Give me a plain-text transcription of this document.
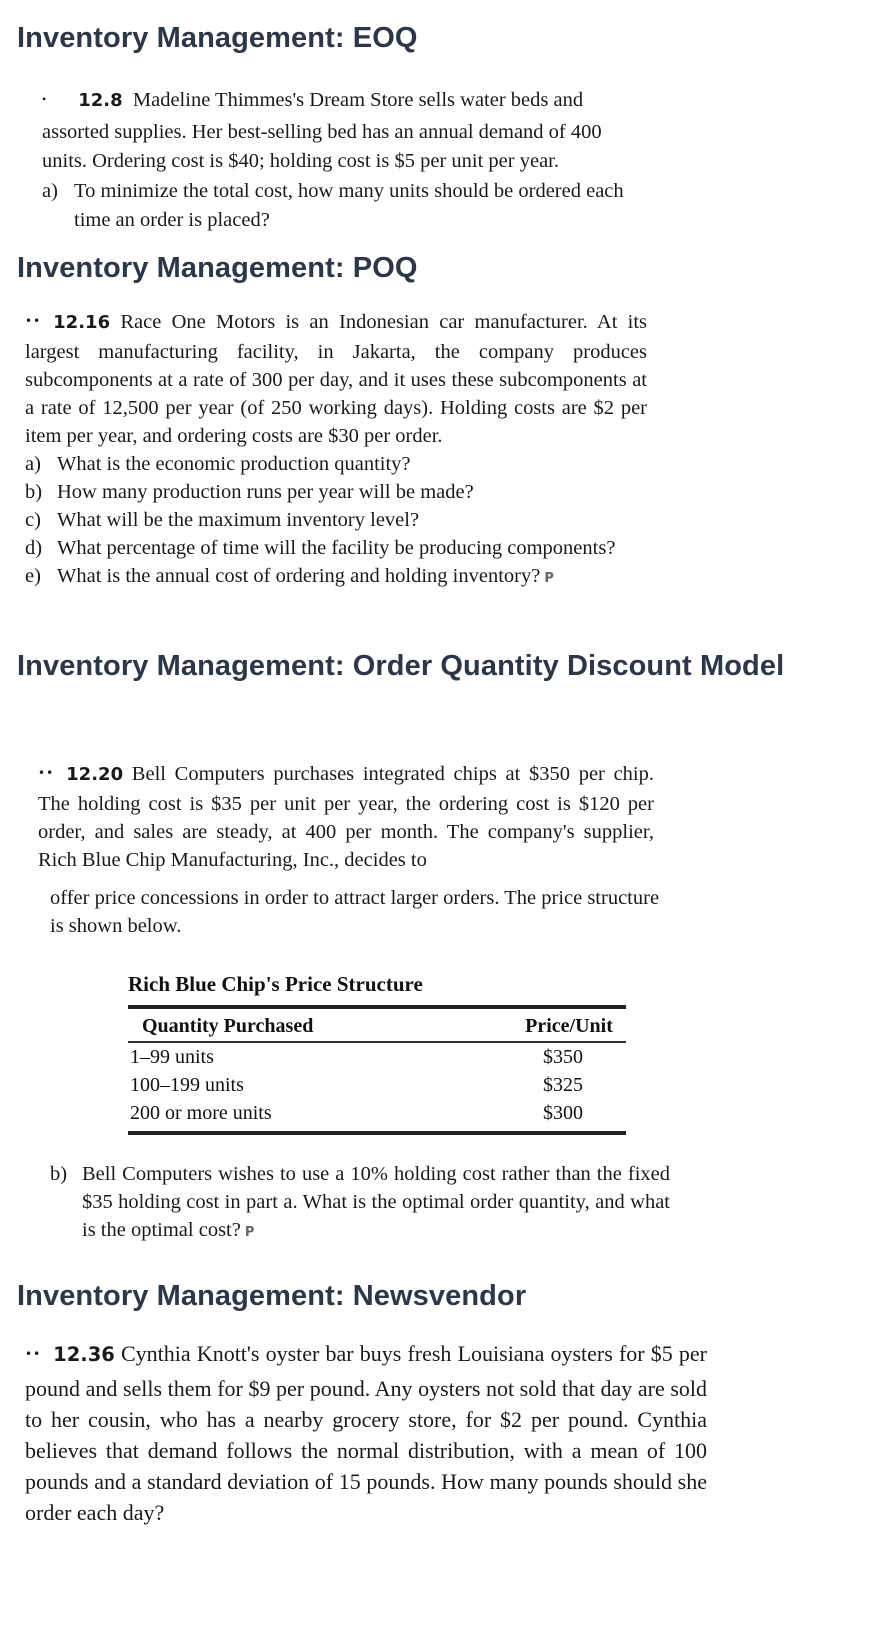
Inventory Management: EOQ

• 12.8 Madeline Thimmes's Dream Store sells water beds and

assorted supplies. Her best-selling bed has an annual demand of 400

units. Ordering cost is $40; holding cost is $5 per unit per year.

a) To minimize the total cost, how many units should be ordered each time an order is placed?
Inventory Management: POQ

•• 12.16 Race One Motors is an Indonesian car manufacturer. At its largest manufacturing facility, in Jakarta, the company produces subcomponents at a rate of 300 per day, and it uses these subcomponents at a rate of 12,500 per year (of 250 working days). Holding costs are $2 per item per year, and ordering costs are $30 per order.

a) What is the economic production quantity?
b) How many production runs per year will be made?
c) What will be the maximum inventory level?
d) What percentage of time will the facility be producing components?
e) What is the annual cost of ordering and holding inventory? P
Inventory Management: Order Quantity Discount Model

•• 12.20 Bell Computers purchases integrated chips at $350 per chip. The holding cost is $35 per unit per year, the ordering cost is $120 per order, and sales are steady, at 400 per month. The company's supplier, Rich Blue Chip Manufacturing, Inc., decides to

offer price concessions in order to attract larger orders. The price structure is shown below.

Rich Blue Chip's Price Structure
Quantity Purchased	Price/Unit
1–99 units	$350
100–199 units	$325
200 or more units	$300
b) Bell Computers wishes to use a 10% holding cost rather than the fixed $35 holding cost in part a. What is the optimal order quantity, and what is the optimal cost? P
Inventory Management: Newsvendor

•• 12.36 Cynthia Knott's oyster bar buys fresh Louisiana oysters for $5 per pound and sells them for $9 per pound. Any oysters not sold that day are sold to her cousin, who has a nearby grocery store, for $2 per pound. Cynthia believes that demand follows the normal distribution, with a mean of 100 pounds and a standard deviation of 15 pounds. How many pounds should she order each day?
